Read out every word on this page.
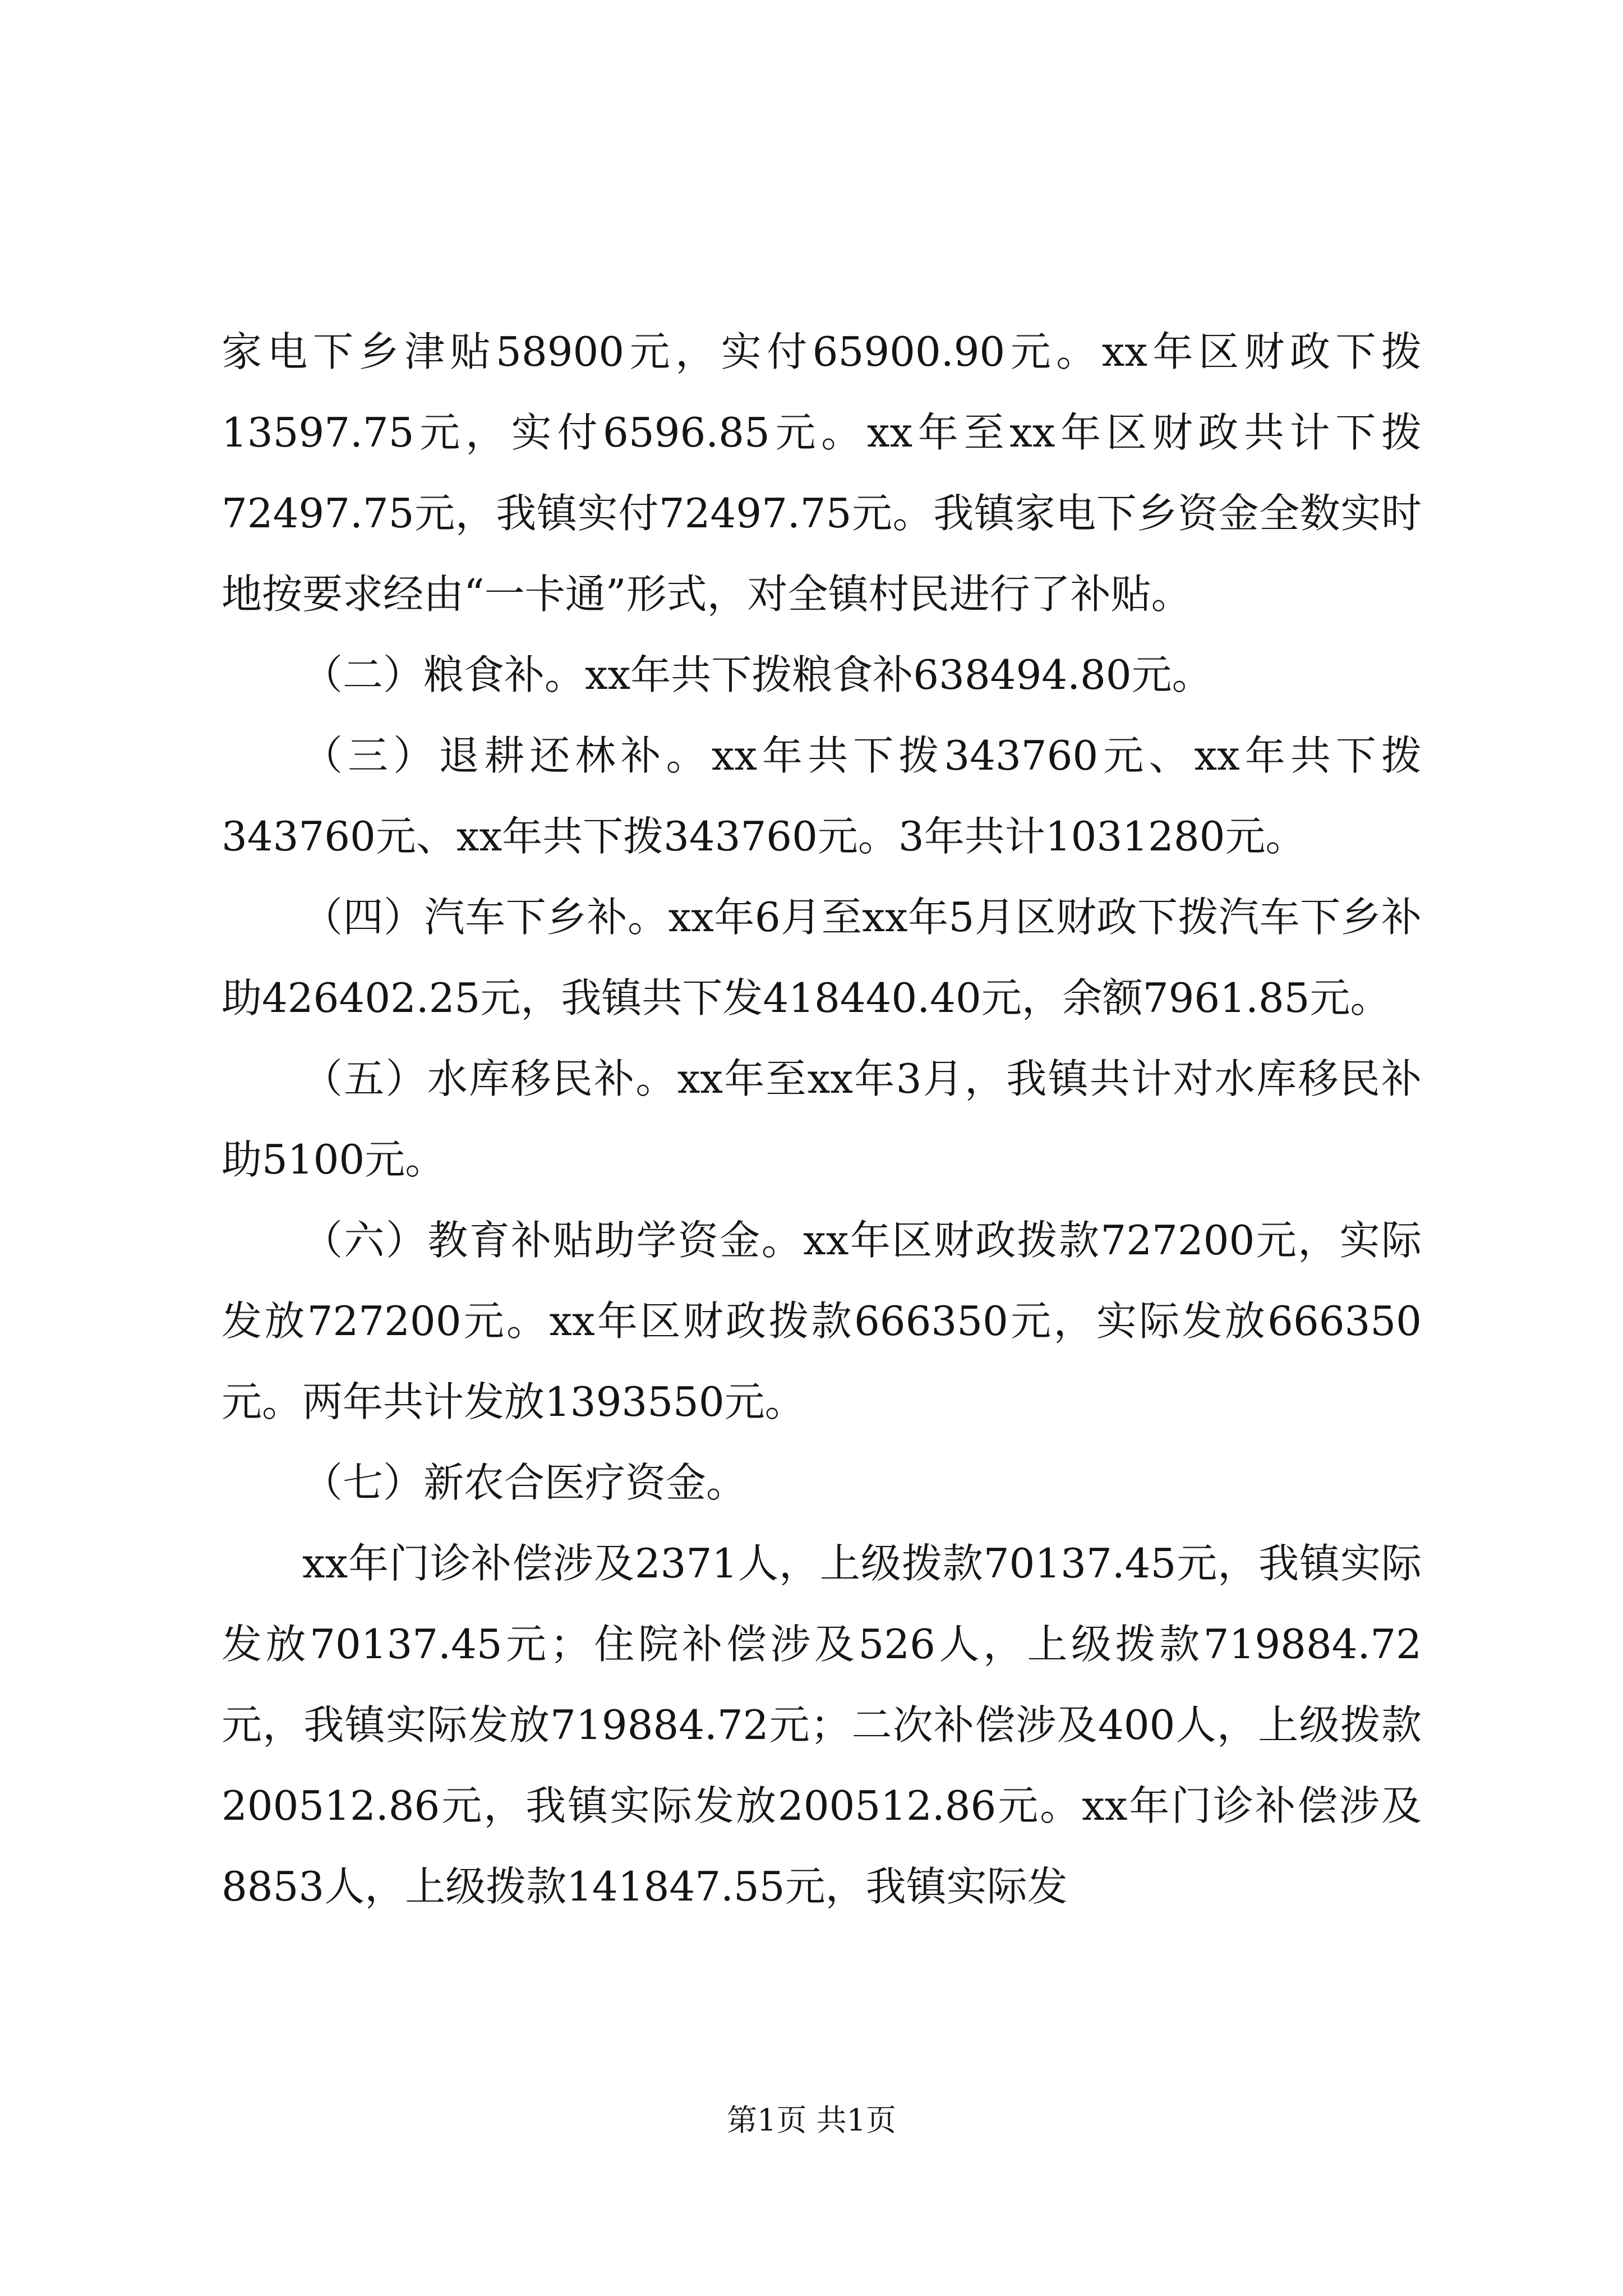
家电下乡津贴58900元，实付65900.90元。xx年区财政下拨13597.75元，实付6596.85元。xx年至xx年区财政共计下拨72497.75元，我镇实付72497.75元。我镇家电下乡资金全数实时地按要求经由“一卡通”形式，对全镇村民进行了补贴。

（二）粮食补。xx年共下拨粮食补638494.80元。

（三）退耕还林补。xx年共下拨343760元、xx年共下拨343760元、xx年共下拨343760元。3年共计1031280元。

（四）汽车下乡补。xx年6月至xx年5月区财政下拨汽车下乡补助426402.25元，我镇共下发418440.40元，余额7961.85元。

（五）水库移民补。xx年至xx年3月，我镇共计对水库移民补助5100元。

（六）教育补贴助学资金。xx年区财政拨款727200元，实际发放727200元。xx年区财政拨款666350元，实际发放666350元。两年共计发放1393550元。

（七）新农合医疗资金。

xx年门诊补偿涉及2371人，上级拨款70137.45元，我镇实际发放70137.45元；住院补偿涉及526人，上级拨款719884.72元，我镇实际发放719884.72元；二次补偿涉及400人，上级拨款200512.86元，我镇实际发放200512.86元。xx年门诊补偿涉及8853人，上级拨款141847.55元，我镇实际发

第1页 共1页
